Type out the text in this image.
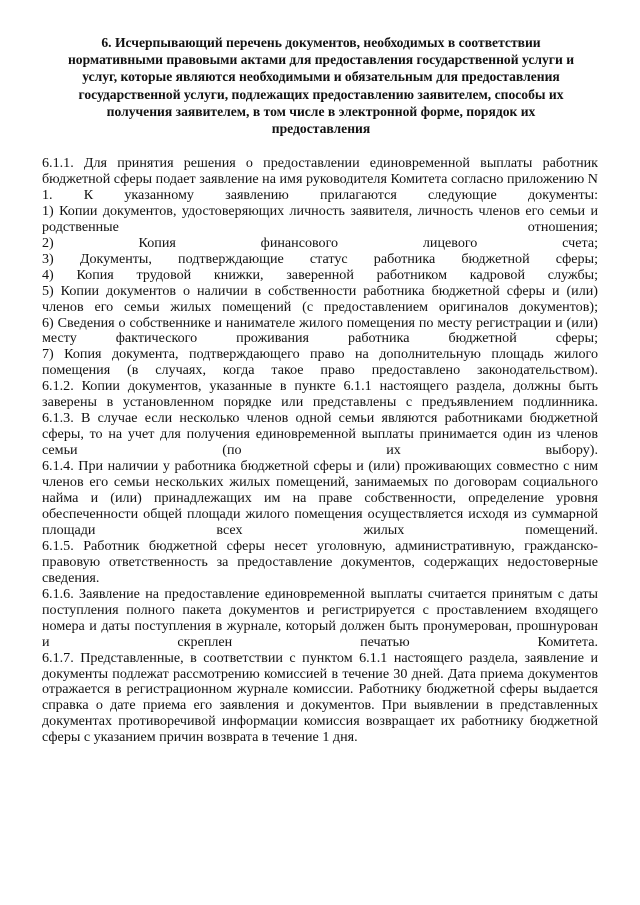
6. Исчерпывающий перечень документов, необходимых в соответствии нормативными правовыми актами для предоставления государственной услуги и услуг, которые являются необходимыми и обязательным для предоставления государственной услуги, подлежащих предоставлению заявителем, способы их получения заявителем, в том числе в электронной форме, порядок их предоставления

6.1.1. Для принятия решения о предоставлении единовременной выплаты работник бюджетной сферы подает заявление на имя руководителя Комитета согласно приложению N 1. К указанному заявлению прилагаются следующие документы:

1) Копии документов, удостоверяющих личность заявителя, личность членов его семьи и родственные отношения;

2) Копия финансового лицевого счета;

3) Документы, подтверждающие статус работника бюджетной сферы;

4) Копия трудовой книжки, заверенной работником кадровой службы;

5) Копии документов о наличии в собственности работника бюджетной сферы и (или) членов его семьи жилых помещений (с предоставлением оригиналов документов);

6) Сведения о собственнике и нанимателе жилого помещения по месту регистрации и (или) месту фактического проживания работника бюджетной сферы;

7) Копия документа, подтверждающего право на дополнительную площадь жилого помещения (в случаях, когда такое право предоставлено законодательством).

6.1.2. Копии документов, указанные в пункте 6.1.1 настоящего раздела, должны быть заверены в установленном порядке или представлены с предъявлением подлинника.

6.1.3. В случае если несколько членов одной семьи являются работниками бюджетной сферы, то на учет для получения единовременной выплаты принимается один из членов семьи (по их выбору).

6.1.4. При наличии у работника бюджетной сферы и (или) проживающих совместно с ним членов его семьи нескольких жилых помещений, занимаемых по договорам социального найма и (или) принадлежащих им на праве собственности, определение уровня обеспеченности общей площади жилого помещения осуществляется исходя из суммарной площади всех жилых помещений.

6.1.5. Работник бюджетной сферы несет уголовную, административную, гражданско-правовую ответственность за предоставление документов, содержащих недостоверные сведения.

6.1.6. Заявление на предоставление единовременной выплаты считается принятым с даты поступления полного пакета документов и регистрируется с проставлением входящего номера и даты поступления в журнале, который должен быть пронумерован, прошнурован и скреплен печатью Комитета.

6.1.7. Представленные, в соответствии с пунктом 6.1.1 настоящего раздела, заявление и документы подлежат рассмотрению комиссией в течение 30 дней. Дата приема документов отражается в регистрационном журнале комиссии. Работнику бюджетной сферы выдается справка о дате приема его заявления и документов. При выявлении в представленных документах противоречивой информации комиссия возвращает их работнику бюджетной сферы с указанием причин возврата в течение 1 дня.
